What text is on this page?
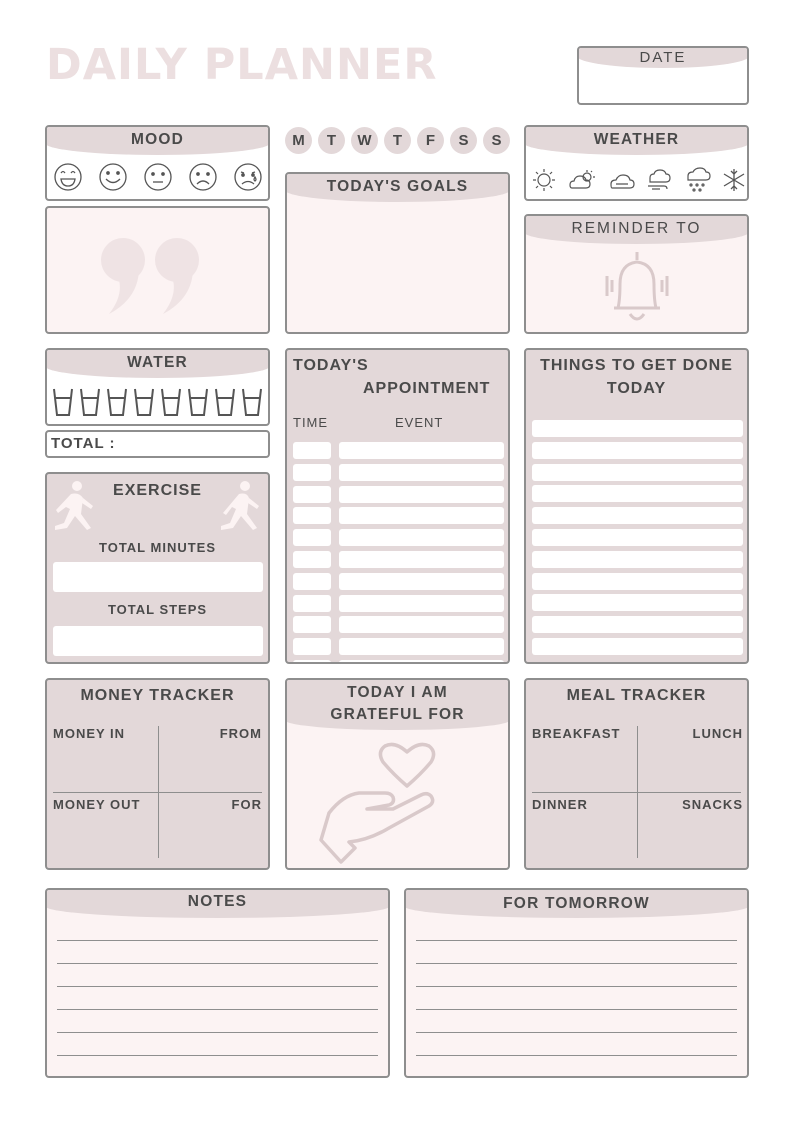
DAILY PLANNER	DATE
MOOD	M	T	W	T	F	S	S	WEATHER
TODAY'S GOALS
REMINDER TO
WATER
TOTAL :
TODAY'S
APPOINTMENT
TIME	EVENT
THINGS TO GET DONE
TODAY
EXERCISE
TOTAL MINUTES
TOTAL STEPS
MONEY TRACKER
MONEY IN	FROM
MONEY OUT	FOR
TODAY I AM
GRATEFUL FOR
MEAL TRACKER
BREAKFAST	LUNCH
DINNER	SNACKS
NOTES	FOR TOMORROW
